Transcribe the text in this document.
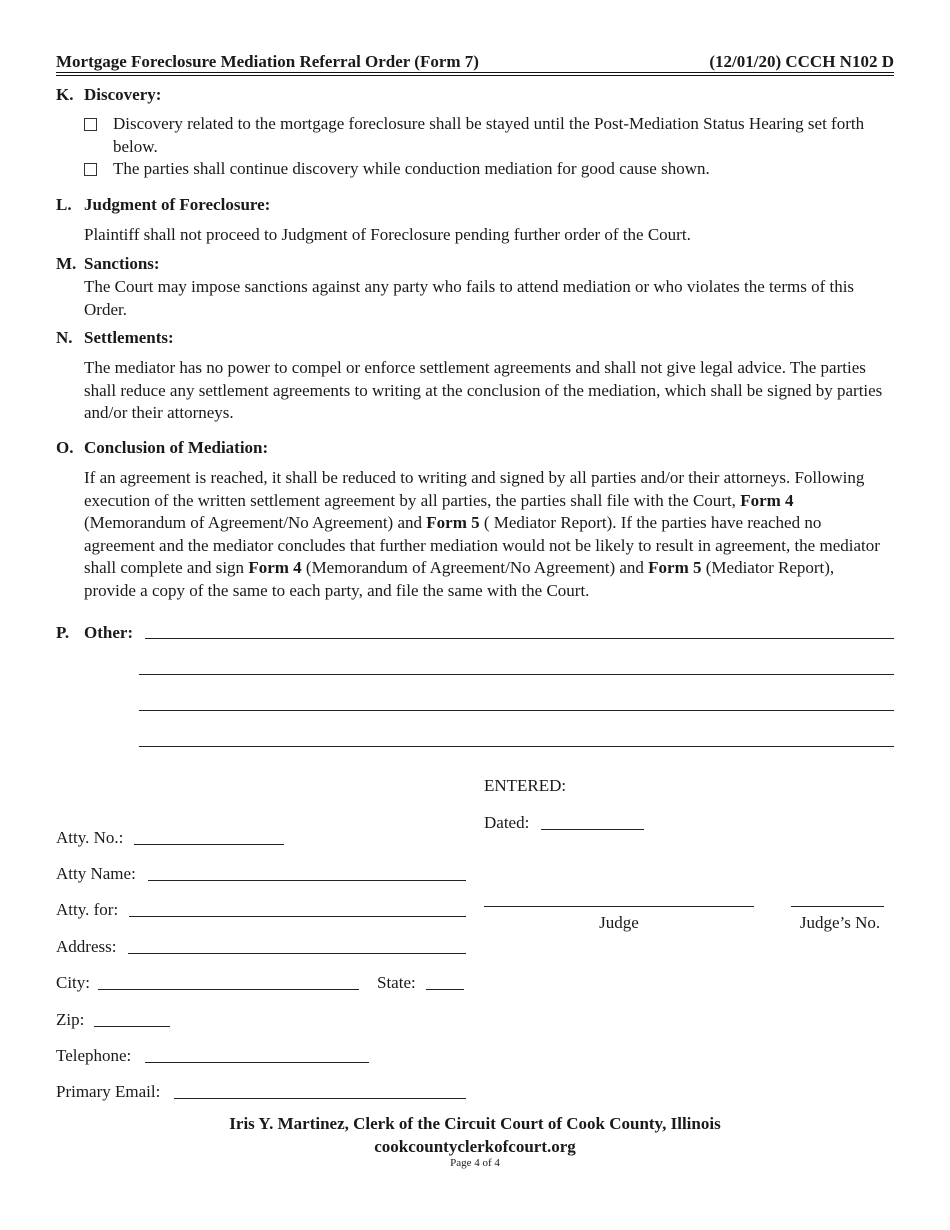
Mortgage Foreclosure Mediation Referral Order (Form 7)	(12/01/20) CCCH N102 D
K. Discovery:
Discovery related to the mortgage foreclosure shall be stayed until the Post-Mediation Status Hearing set forth below.
The parties shall continue discovery while conduction mediation for good cause shown.
L. Judgment of Foreclosure:
Plaintiff shall not proceed to Judgment of Foreclosure pending further order of the Court.
M. Sanctions:
The Court may impose sanctions against any party who fails to attend mediation or who violates the terms of this Order.
N. Settlements:
The mediator has no power to compel or enforce settlement agreements and shall not give legal advice. The parties shall reduce any settlement agreements to writing at the conclusion of the mediation, which shall be signed by parties and/or their attorneys.
O. Conclusion of Mediation:
If an agreement is reached, it shall be reduced to writing and signed by all parties and/or their attorneys. Following execution of the written settlement agreement by all parties, the parties shall file with the Court, Form 4 (Memorandum of Agreement/No Agreement) and Form 5 ( Mediator Report). If the parties have reached no agreement and the mediator concludes that further mediation would not be likely to result in agreement, the mediator shall complete and sign Form 4 (Memorandum of Agreement/No Agreement) and Form 5 (Mediator Report), provide a copy of the same to each party, and file the same with the Court.
P. Other:
ENTERED:
Dated:
Judge	Judge’s No.
Atty. No.:
Atty Name:
Atty. for:
Address:
City:	State:
Zip:
Telephone:
Primary Email:
Iris Y. Martinez, Clerk of the Circuit Court of Cook County, Illinois
cookcountyclerkofcourt.org
Page 4 of 4
